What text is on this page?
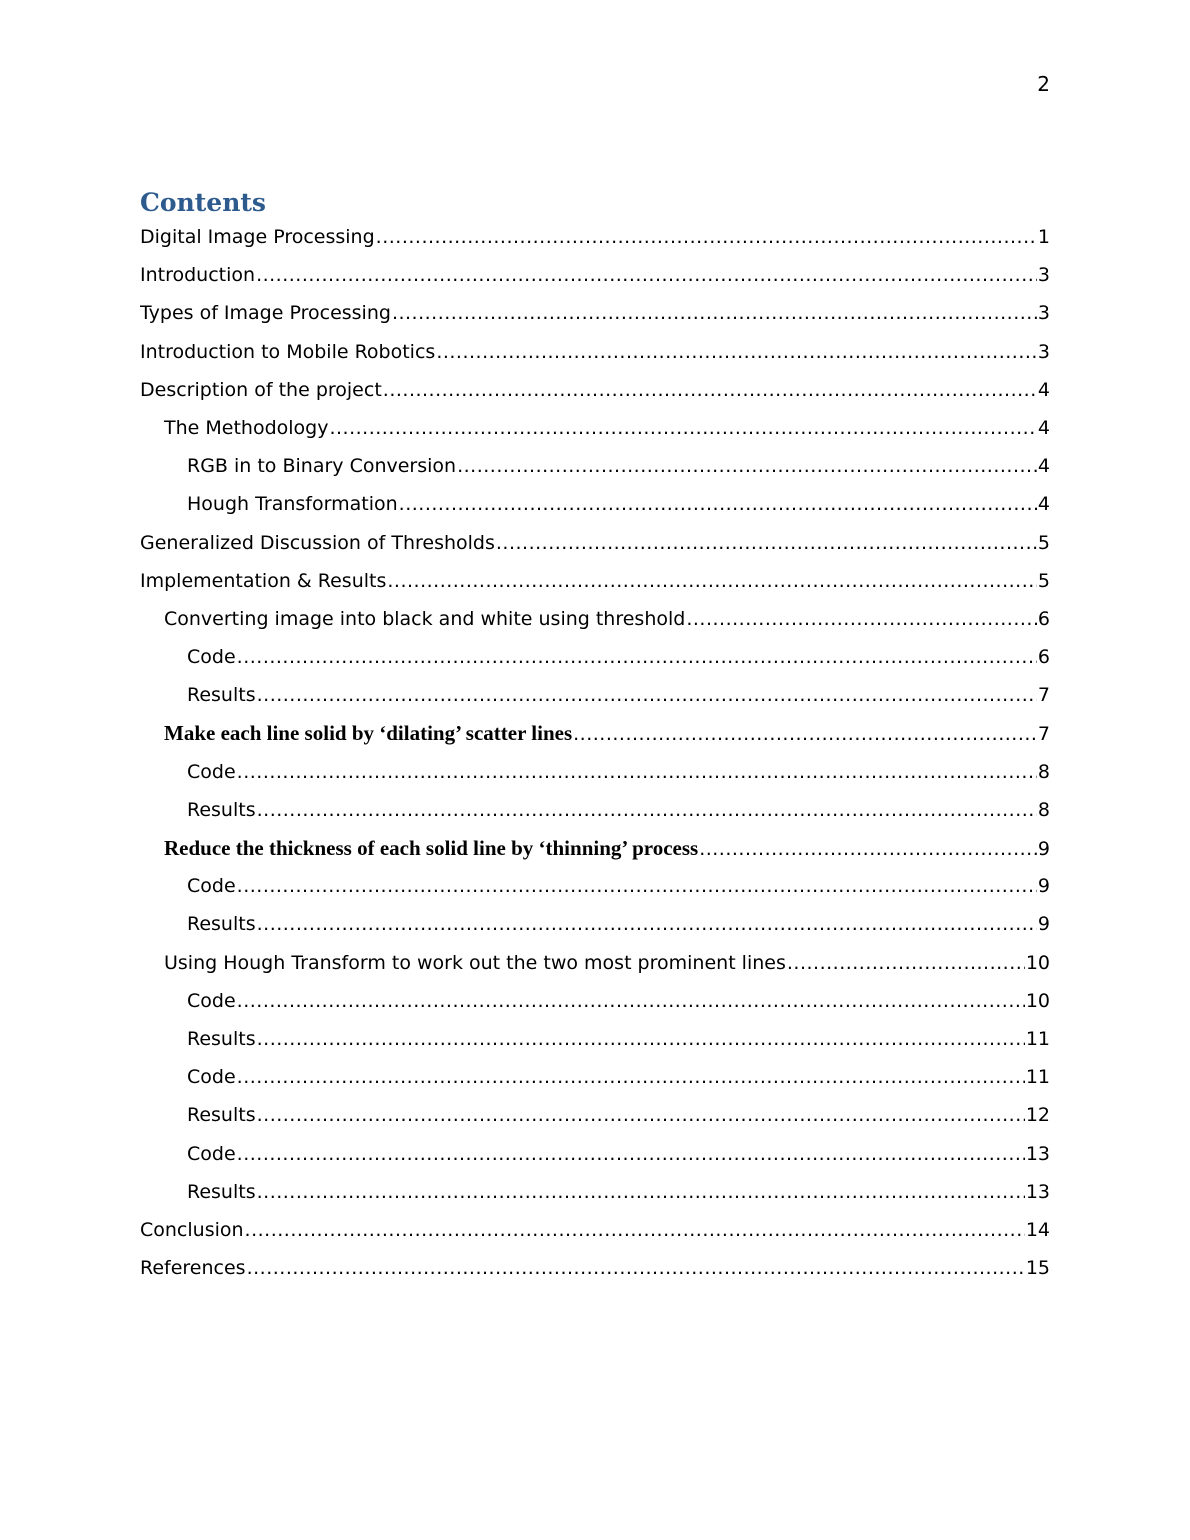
2
Contents
Digital Image Processing .....	1
Introduction .....	3
Types of Image Processing .....	3
Introduction to Mobile Robotics .....	3
Description of the project .....	4
The Methodology .....	4
RGB in to Binary Conversion .....	4
Hough Transformation .....	4
Generalized Discussion of Thresholds .....	5
Implementation & Results .....	5
Converting image into black and white using threshold .....	6
Code .....	6
Results .....	7
Make each line solid by ‘dilating’ scatter lines .....	7
Code .....	8
Results .....	8
Reduce the thickness of each solid line by ‘thinning’ process .....	9
Code .....	9
Results .....	9
Using Hough Transform to work out the two most prominent lines .....	10
Code .....	10
Results .....	11
Code .....	11
Results .....	12
Code .....	13
Results .....	13
Conclusion .....	14
References .....	15
